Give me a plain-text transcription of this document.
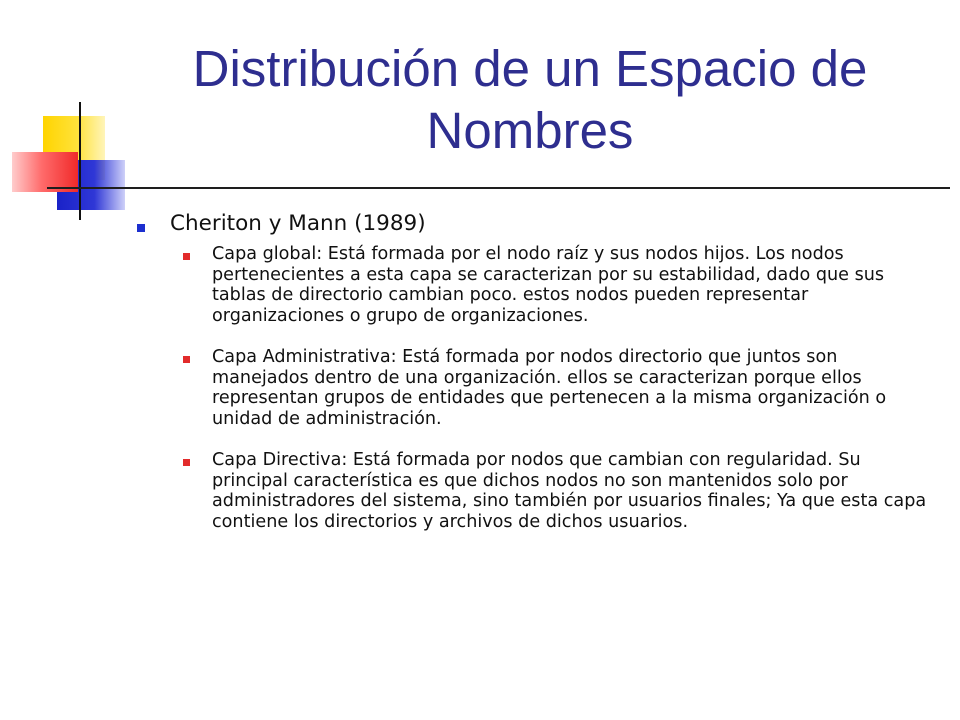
Distribución de un Espacio de Nombres
Cheriton y Mann (1989)
Capa global: Está formada por el nodo raíz y sus nodos hijos. Los nodos pertenecientes a esta capa se caracterizan por su estabilidad, dado que sus tablas de directorio cambian poco. estos nodos pueden representar organizaciones o grupo de organizaciones.
Capa Administrativa: Está formada por nodos directorio que juntos son manejados dentro de una organización. ellos se caracterizan porque ellos representan grupos de entidades que pertenecen a la misma organización o unidad de administración.
Capa Directiva: Está formada por nodos que cambian con regularidad. Su principal característica es que dichos nodos no son mantenidos solo por administradores del sistema, sino también por usuarios finales; Ya que esta capa contiene los directorios y archivos de dichos usuarios.
